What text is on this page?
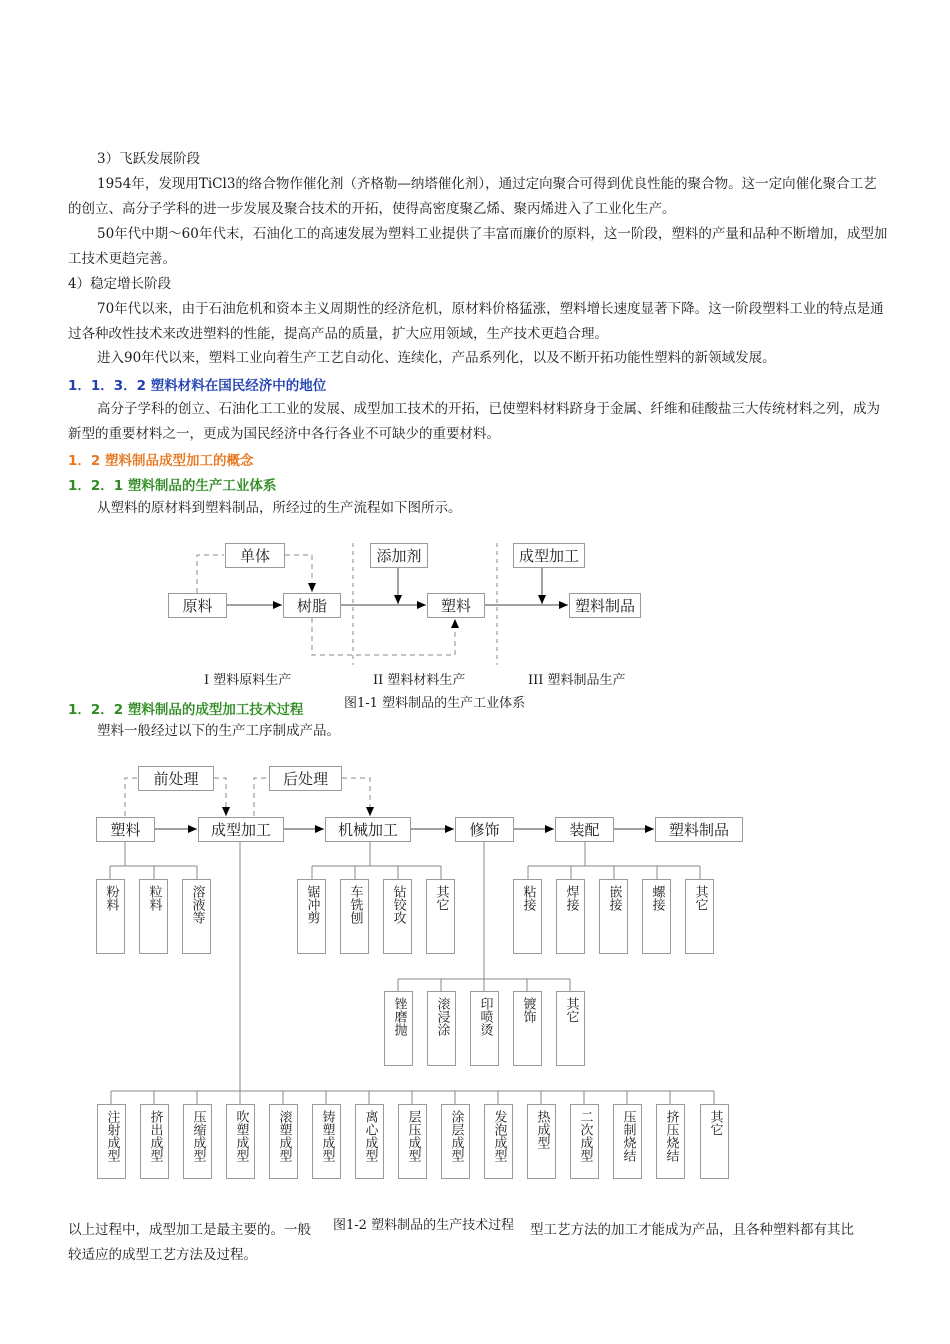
3）飞跃发展阶段

1954年，发现用TiCl3的络合物作催化剂（齐格勒—纳塔催化剂），通过定向聚合可得到优良性能的聚合物。这一定向催化聚合工艺的创立、高分子学科的进一步发展及聚合技术的开拓，使得高密度聚乙烯、聚丙烯进入了工业化生产。

50年代中期～60年代末，石油化工的高速发展为塑料工业提供了丰富而廉价的原料，这一阶段，塑料的产量和品种不断增加，成型加工技术更趋完善。

4）稳定增长阶段

70年代以来，由于石油危机和资本主义周期性的经济危机，原材料价格猛涨，塑料增长速度显著下降。这一阶段塑料工业的特点是通过各种改性技术来改进塑料的性能，提高产品的质量，扩大应用领域，生产技术更趋合理。

进入90年代以来，塑料工业向着生产工艺自动化、连续化，产品系列化，以及不断开拓功能性塑料的新领域发展。

1．1．3．2 塑料材料在国民经济中的地位

高分子学科的创立、石油化工工业的发展、成型加工技术的开拓，已使塑料材料跻身于金属、纤维和硅酸盐三大传统材料之列，成为新型的重要材料之一，更成为国民经济中各行各业不可缺少的重要材料。

1．2 塑料制品成型加工的概念

1．2．1 塑料制品的生产工业体系

从塑料的原材料到塑料制品，所经过的生产流程如下图所示。

1．2．2 塑料制品的成型加工技术过程

塑料一般经过以下的生产工序制成产品。

以上过程中，成型加工是最主要的。一般	型工艺方法的加工才能成为产品，且各种塑料都有其比

较适应的成型工艺方法及过程。

单体	添加剂	成型加工
原料	树脂	塑料	塑料制品
I 塑料原料生产	II 塑料材料生产	III 塑料制品生产
图1-1 塑料制品的生产工业体系
前处理	后处理
塑料	成型加工	机械加工	修饰	装配	塑料制品
粉料 粒料 溶液等	锯冲剪 车铣刨 钻铰攻 其它	粘接 焊接 嵌接 螺接 其它
锉磨抛 滚浸涂 印喷烫 镀饰 其它
注射成型 挤出成型 压缩成型 吹塑成型 滚塑成型 铸塑成型 离心成型 层压成型 涂层成型 发泡成型 热成型 二次成型 压制烧结 挤压烧结 其它
图1-2 塑料制品的生产技术过程
